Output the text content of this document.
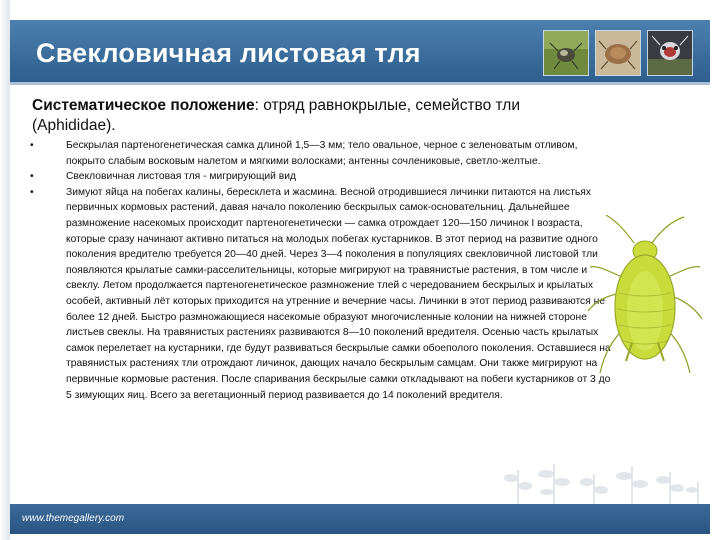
Свекловичная листовая тля
Систематическое положение: отряд равнокрылые, семейство тли (Aphididae).
•	Бескрылая партеногенетическая самка длиной 1,5—3 мм; тело овальное, черное с зеленоватым отливом, покрыто слабым восковым налетом и мягкими волосками; антенны сочлениковые, светло-желтые.
•	Свекловичная листовая тля - мигрирующий вид
•	Зимуют яйца на побегах калины, бересклета и жасмина. Весной отродившиеся личинки питаются на листьях первичных кормовых растений, давая начало поколению бескрылых самок-основательниц. Дальнейшее размножение насекомых происходит партеногенетически — самка отрождает 120—150 личинок I возраста, которые сразу начинают активно питаться на молодых побегах кустарников. В этот период на развитие одного поколения вредителю требуется 20—40 дней. Через 3—4 поколения в популяциях свекловичной листовой тли появляются крылатые самки-расселительницы, которые мигрируют на травянистые растения, в том числе и свеклу. Летом продолжается партеногенетическое размножение тлей с чередованием бескрылых и крылатых особей, активный лёт которых приходится на утренние и вечерние часы. Личинки в этот период развиваются не более 12 дней. Быстро размножающиеся насекомые образуют многочисленные колонии на нижней стороне листьев свеклы. На травянистых растениях развиваются 8—10 поколений вредителя. Осенью часть крылатых самок перелетает на кустарники, где будут развиваться бескрылые самки обоеполого поколения. Оставшиеся на травянистых растениях тли отрождают личинок, дающих начало бескрылым самцам. Они также мигрируют на первичные кормовые растения. После спаривания бескрылые самки откладывают на побеги кустарников от 3 до 5 зимующих яиц. Всего за вегетационный период развивается до 14 поколений вредителя.
www.themegallery.com
